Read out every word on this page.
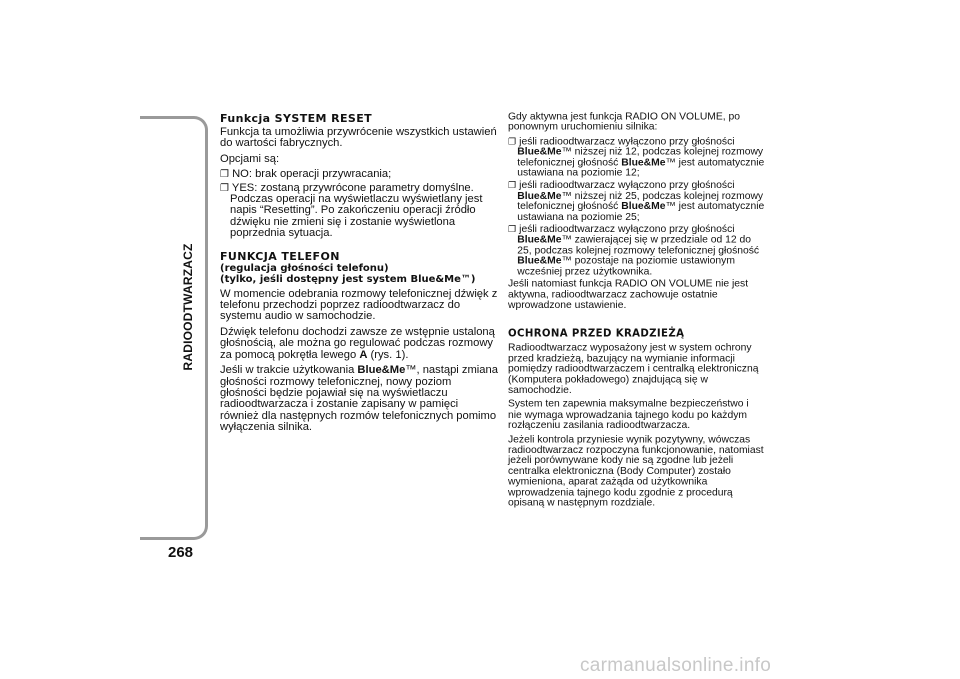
RADIOODTWARZACZ
268
Funkcja SYSTEM RESET
Funkcja ta umożliwia przywrócenie wszystkich ustawień do wartości fabrycznych.
Opcjami są:
❐ NO: brak operacji przywracania;
❐ YES: zostaną przywrócone parametry domyślne. Podczas operacji na wyświetlaczu wyświetlany jest napis “Resetting”. Po zakończeniu operacji źródło dźwięku nie zmieni się i zostanie wyświetlona poprzednia sytuacja.
FUNKCJA TELEFON
(regulacja głośności telefonu)
(tylko, jeśli dostępny jest system Blue&Me™)
W momencie odebrania rozmowy telefonicznej dźwięk z telefonu przechodzi poprzez radioodtwarzacz do systemu audio w samochodzie.
Dźwięk telefonu dochodzi zawsze ze wstępnie ustaloną głośnością, ale można go regulować podczas rozmowy za pomocą pokrętła lewego A (rys. 1).
Jeśli w trakcie użytkowania Blue&Me™, nastąpi zmiana głośności rozmowy telefonicznej, nowy poziom głośności będzie pojawiał się na wyświetlaczu radioodtwarzacza i zostanie zapisany w pamięci również dla następnych rozmów telefonicznych pomimo wyłączenia silnika.
Gdy aktywna jest funkcja RADIO ON VOLUME, po ponownym uruchomieniu silnika:
❐ jeśli radioodtwarzacz wyłączono przy głośności Blue&Me™ niższej niż 12, podczas kolejnej rozmowy telefonicznej głośność Blue&Me™ jest automatycznie ustawiana na poziomie 12;
❐ jeśli radioodtwarzacz wyłączono przy głośności Blue&Me™ niższej niż 25, podczas kolejnej rozmowy telefonicznej głośność Blue&Me™ jest automatycznie ustawiana na poziomie 25;
❐ jeśli radioodtwarzacz wyłączono przy głośności Blue&Me™ zawierającej się w przedziale od 12 do 25, podczas kolejnej rozmowy telefonicznej głośność Blue&Me™ pozostaje na poziomie ustawionym wcześniej przez użytkownika.
Jeśli natomiast funkcja RADIO ON VOLUME nie jest aktywna, radioodtwarzacz zachowuje ostatnie wprowadzone ustawienie.
OCHRONA PRZED KRADZIEŻĄ
Radioodtwarzacz wyposażony jest w system ochrony przed kradzieżą, bazujący na wymianie informacji pomiędzy radioodtwarzaczem i centralką elektroniczną (Komputera pokładowego) znajdującą się w samochodzie.
System ten zapewnia maksymalne bezpieczeństwo i nie wymaga wprowadzania tajnego kodu po każdym rozłączeniu zasilania radioodtwarzacza.
Jeżeli kontrola przyniesie wynik pozytywny, wówczas radioodtwarzacz rozpoczyna funkcjonowanie, natomiast jeżeli porównywane kody nie są zgodne lub jeżeli centralka elektroniczna (Body Computer) zostało wymieniona, aparat zażąda od użytkownika wprowadzenia tajnego kodu zgodnie z procedurą opisaną w następnym rozdziale.
carmanualsonline.info
